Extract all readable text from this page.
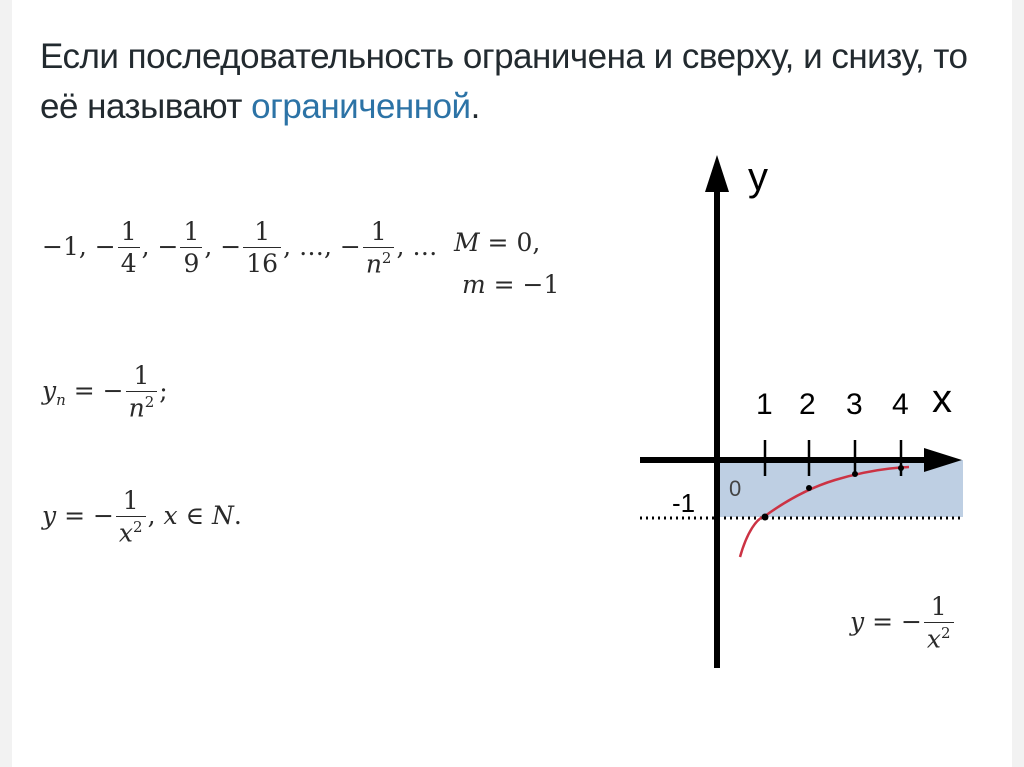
Если последовательность ограничена и сверху, и снизу, то
её называют ограниченной.
−1, − $\frac{1}{4}$ , − $\frac{1}{9}$ , − $\frac{1}{16}$ , …, − $\frac{1}{n^2}$ , … M = 0,
m = −1
$y_n$ = − $\frac{1}{n^2}$ ;
y = − $\frac{1}{x^2}$ , x ∈ N.
y
x
1 2 3 4
0
-1
y = − $\frac{1}{x^2}$
